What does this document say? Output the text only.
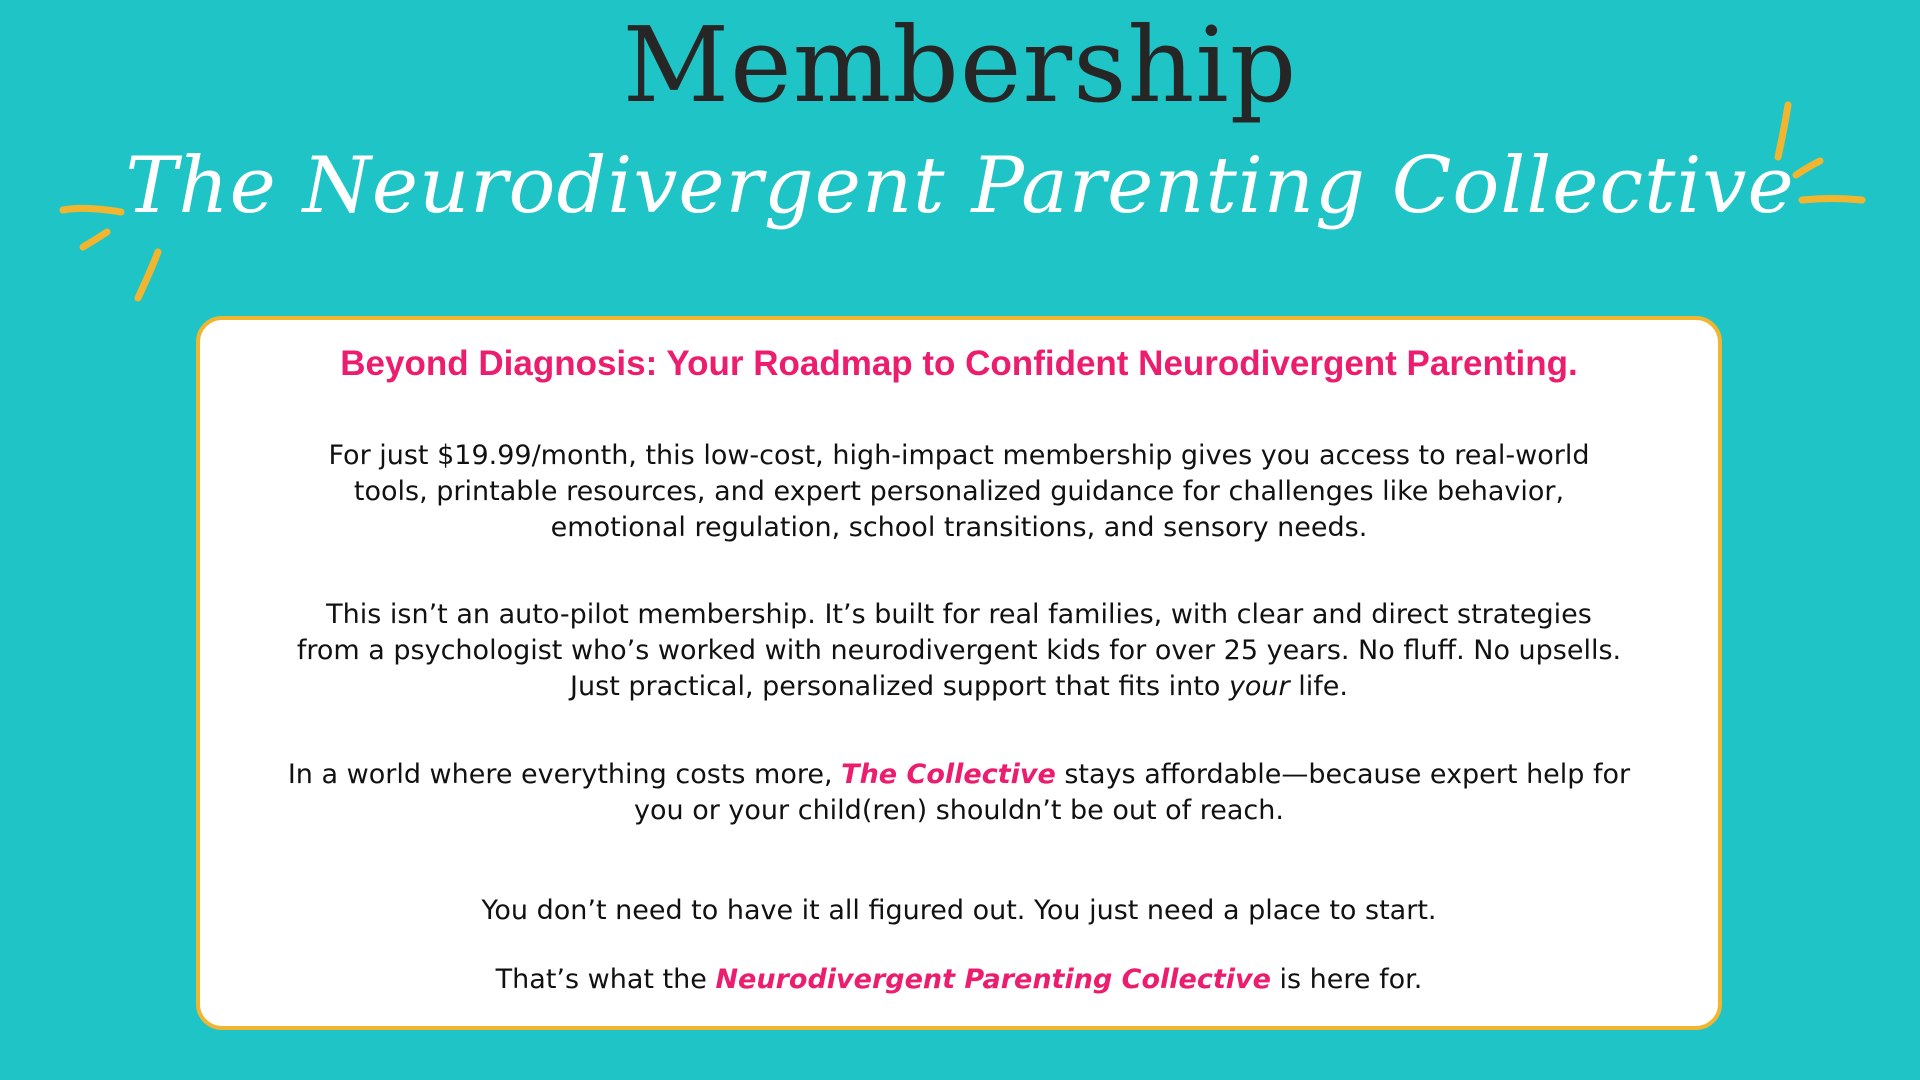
Membership
The Neurodivergent Parenting Collective
Beyond Diagnosis: Your Roadmap to Confident Neurodivergent Parenting.
For just $19.99/month, this low-cost, high-impact membership gives you access to real-world
tools, printable resources, and expert personalized guidance for challenges like behavior,
emotional regulation, school transitions, and sensory needs.
This isn’t an auto-pilot membership. It’s built for real families, with clear and direct strategies
from a psychologist who’s worked with neurodivergent kids for over 25 years. No fluff. No upsells.
Just practical, personalized support that fits into your life.
In a world where everything costs more, The Collective stays affordable—because expert help for
you or your child(ren) shouldn’t be out of reach.
You don’t need to have it all figured out. You just need a place to start.
That’s what the Neurodivergent Parenting Collective is here for.
